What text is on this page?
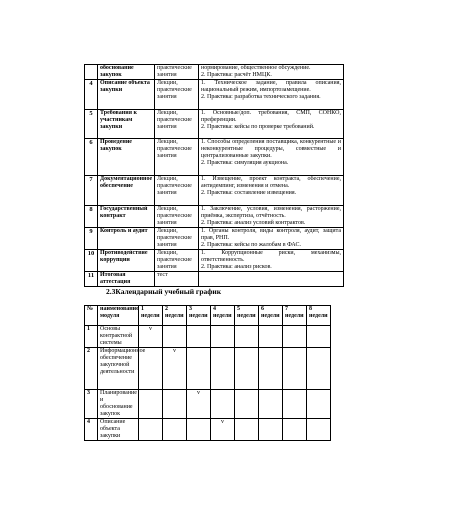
	обоснование закупок	практические занятия	нормирование, общественное обсуждение.
2. Практика: расчёт НМЦК.

4	Описание объекта закупки	Лекции, практические занятия	1. Техническое задание, правила описания, национальный режим, импортозамещение.
2. Практика: разработка технического задания.

5	Требования к участникам закупки	Лекции, практические занятия	1. Основные/доп. требования, СМП, СОНКО, преференции.
2. Практика: кейсы по проверке требований.

6	Проведение закупок	Лекции, практические занятия	1. Способы определения поставщика, конкурентные и неконкурентные процедуры, совместные и централизованные закупки.
2. Практика: симуляция аукциона.

7	Документационное обеспечение	Лекции, практические занятия	1. Извещение, проект контракта, обеспечение, антидемпинг, изменения и отмена.
2. Практика: составление извещения.

8	Государственный контракт	Лекции, практические занятия	1. Заключение, условия, изменения, расторжение, приёмка, экспертиза, отчётность.
2. Практика: анализ условий контрактов.

9	Контроль и аудит	Лекции, практические занятия	1. Органы контроля, виды контроля, аудит, защита прав, РНП.
2. Практика: кейсы по жалобам в ФАС.

10	Противодействие коррупции	Лекции, практические занятия	1. Коррупционные риски, механизмы, ответственность.
2. Практика: анализ рисков.

11	Итоговая аттестация	тест	
2.3Календарный учебный график
№	наименование модуля	1 недели	2 недели	3 недели	4 недели	5 недели	6 недели	7 недели	8 недели
1	Основы контрактной системы	v							
2	Информационное обеспечение закупочной деятельности		v						
3	Планирование и обоснование закупок			v					
4	Описание объекта закупки				v				
